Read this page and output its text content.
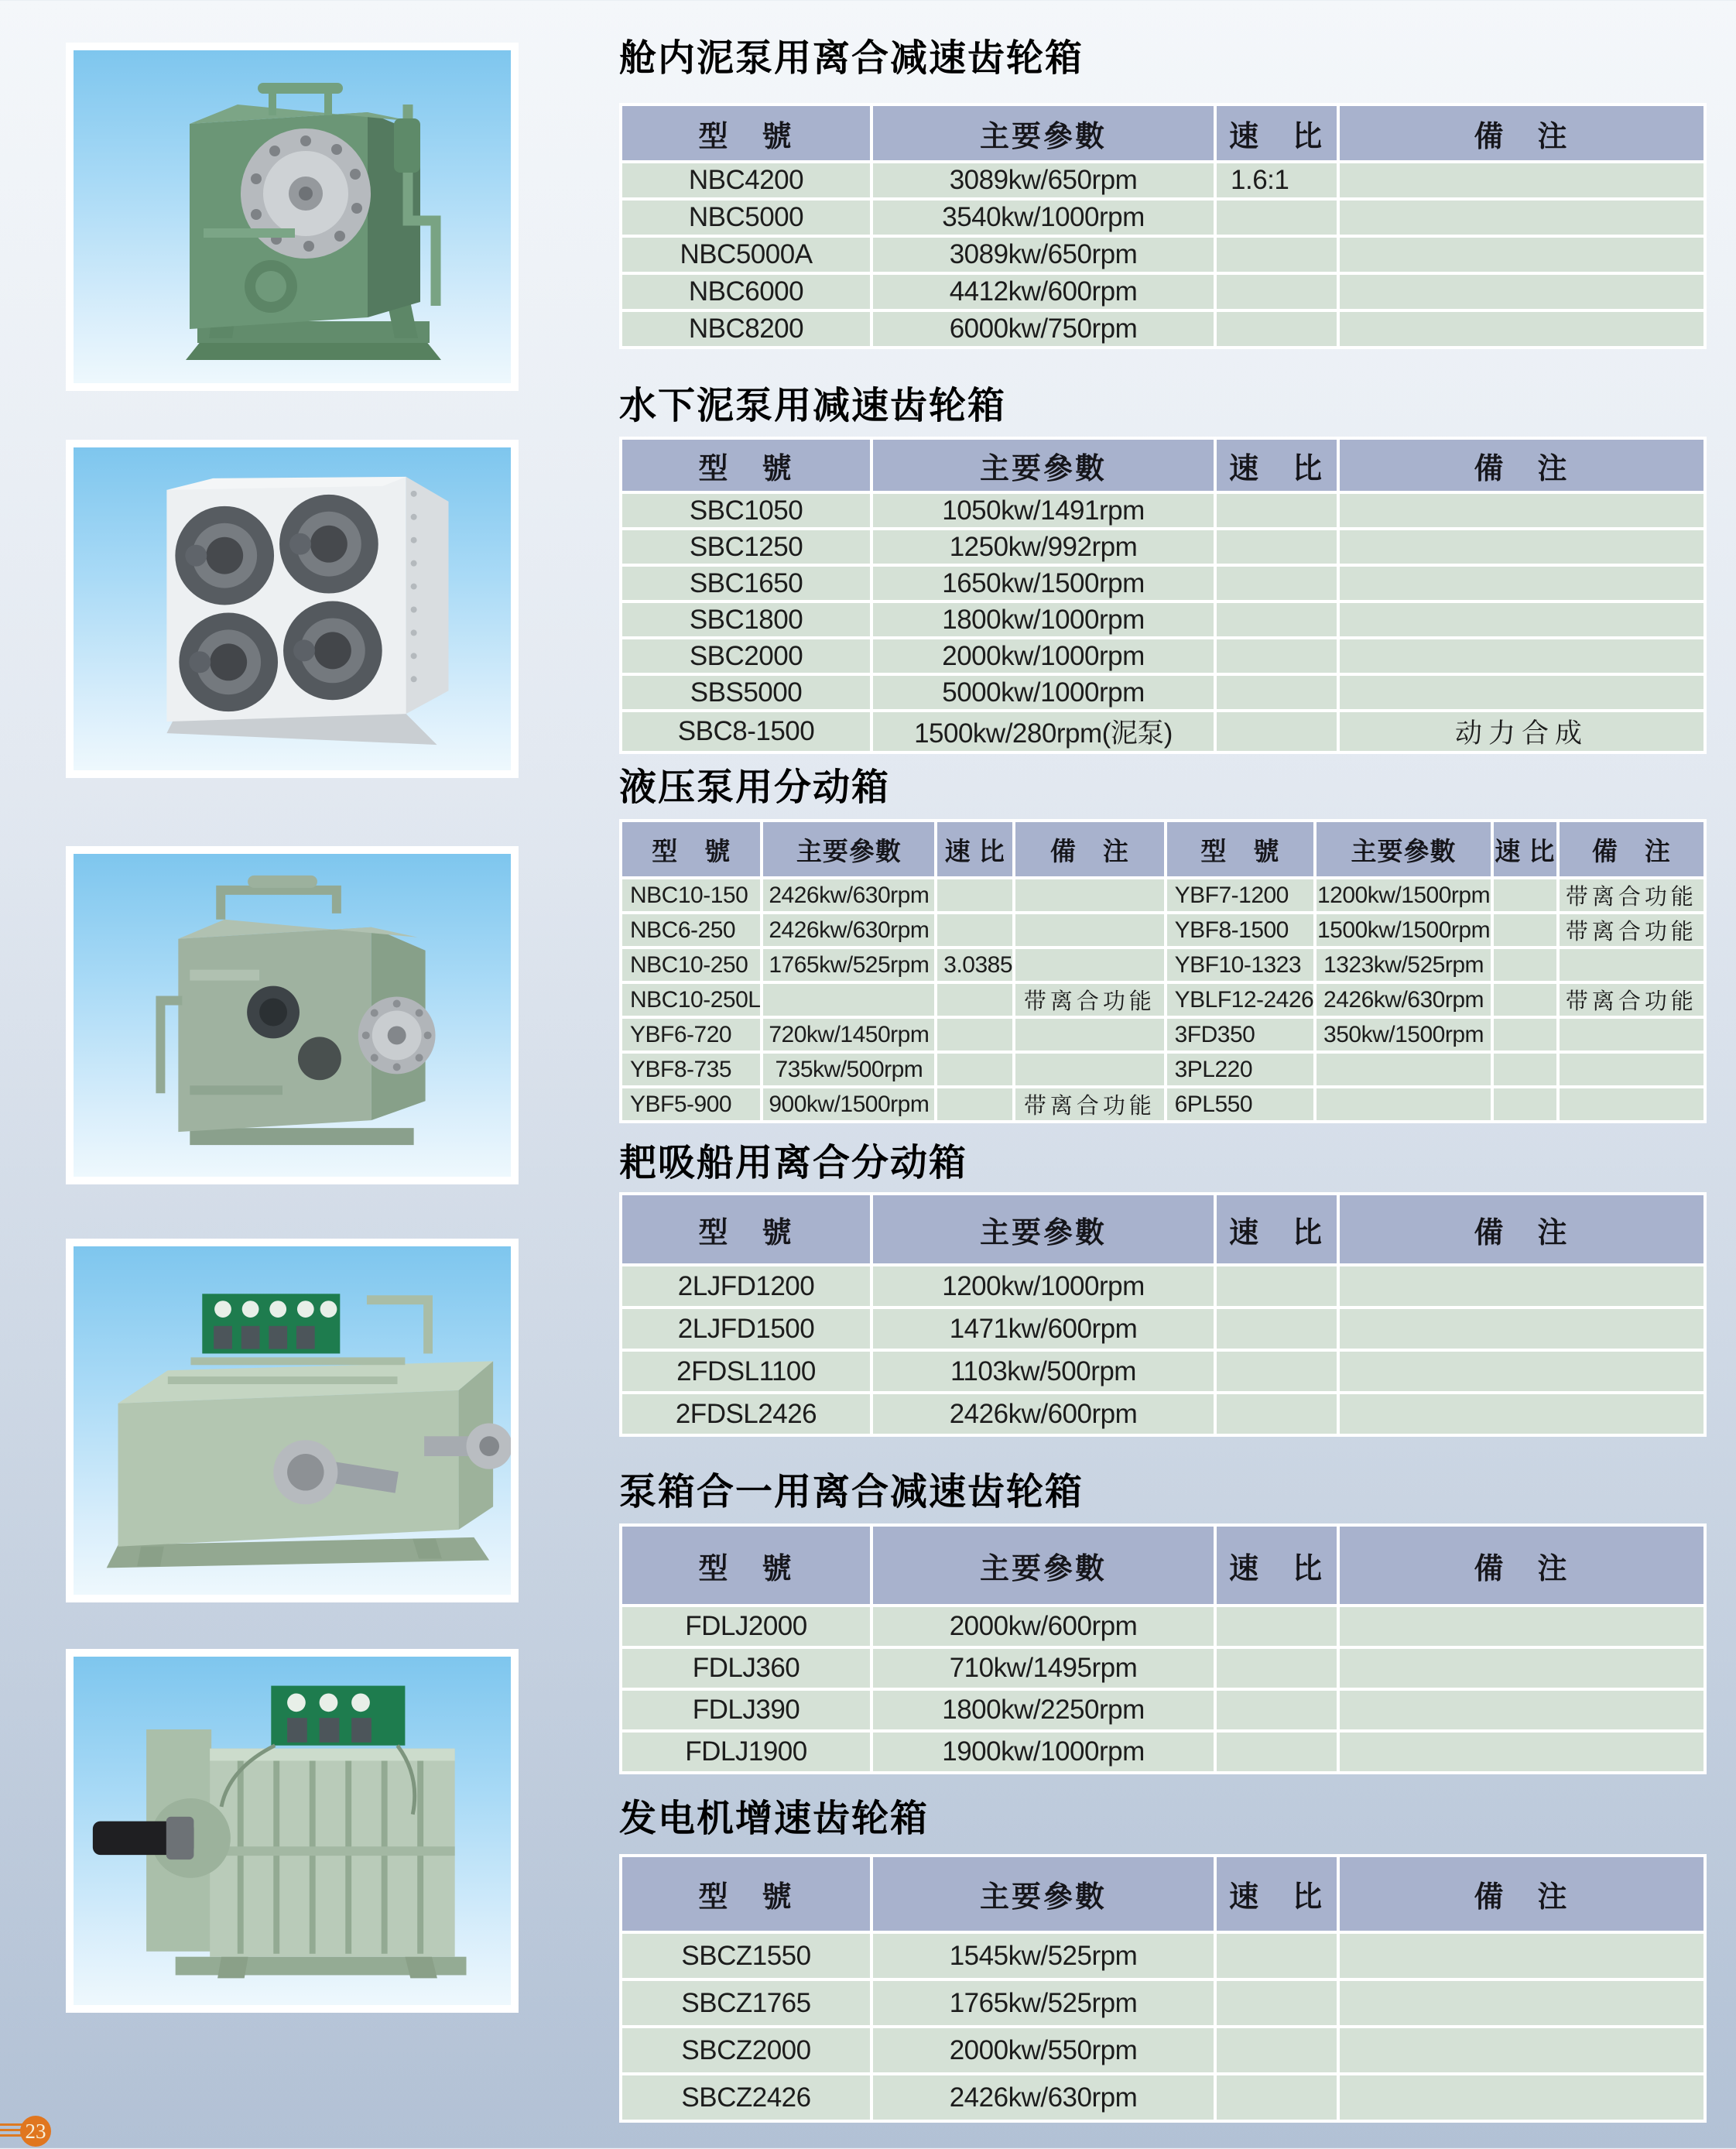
舱内泥泵用离合减速齿轮箱
型　號	主要參數	速　比	備　注
NBC4200	3089kw/650rpm	1.6:1	
NBC5000	3540kw/1000rpm		
NBC5000A	3089kw/650rpm		
NBC6000	4412kw/600rpm		
NBC8200	6000kw/750rpm		
水下泥泵用减速齿轮箱
型　號	主要參數	速　比	備　注
SBC1050	1050kw/1491rpm		
SBC1250	1250kw/992rpm		
SBC1650	1650kw/1500rpm		
SBC1800	1800kw/1000rpm		
SBC2000	2000kw/1000rpm		
SBS5000	5000kw/1000rpm		
SBC8-1500	1500kw/280rpm(泥泵)		动力合成
液压泵用分动箱
型　號	主要參數	速 比	備　注	型　號	主要參數	速 比	備　注
NBC10-150	2426kw/630rpm			YBF7-1200	1200kw/1500rpm		带离合功能
NBC6-250	2426kw/630rpm			YBF8-1500	1500kw/1500rpm		带离合功能
NBC10-250	1765kw/525rpm	3.0385		YBF10-1323	1323kw/525rpm		
NBC10-250L			带离合功能	YBLF12-2426	2426kw/630rpm		带离合功能
YBF6-720	720kw/1450rpm			3FD350	350kw/1500rpm		
YBF8-735	735kw/500rpm			3PL220			
YBF5-900	900kw/1500rpm		带离合功能	6PL550			
耙吸船用离合分动箱
型　號	主要參數	速　比	備　注
2LJFD1200	1200kw/1000rpm		
2LJFD1500	1471kw/600rpm		
2FDSL1100	1103kw/500rpm		
2FDSL2426	2426kw/600rpm		
泵箱合一用离合减速齿轮箱
型　號	主要參數	速　比	備　注
FDLJ2000	2000kw/600rpm		
FDLJ360	710kw/1495rpm		
FDLJ390	1800kw/2250rpm		
FDLJ1900	1900kw/1000rpm		
发电机增速齿轮箱
型　號	主要參數	速　比	備　注
SBCZ1550	1545kw/525rpm		
SBCZ1765	1765kw/525rpm		
SBCZ2000	2000kw/550rpm		
SBCZ2426	2426kw/630rpm		
23
